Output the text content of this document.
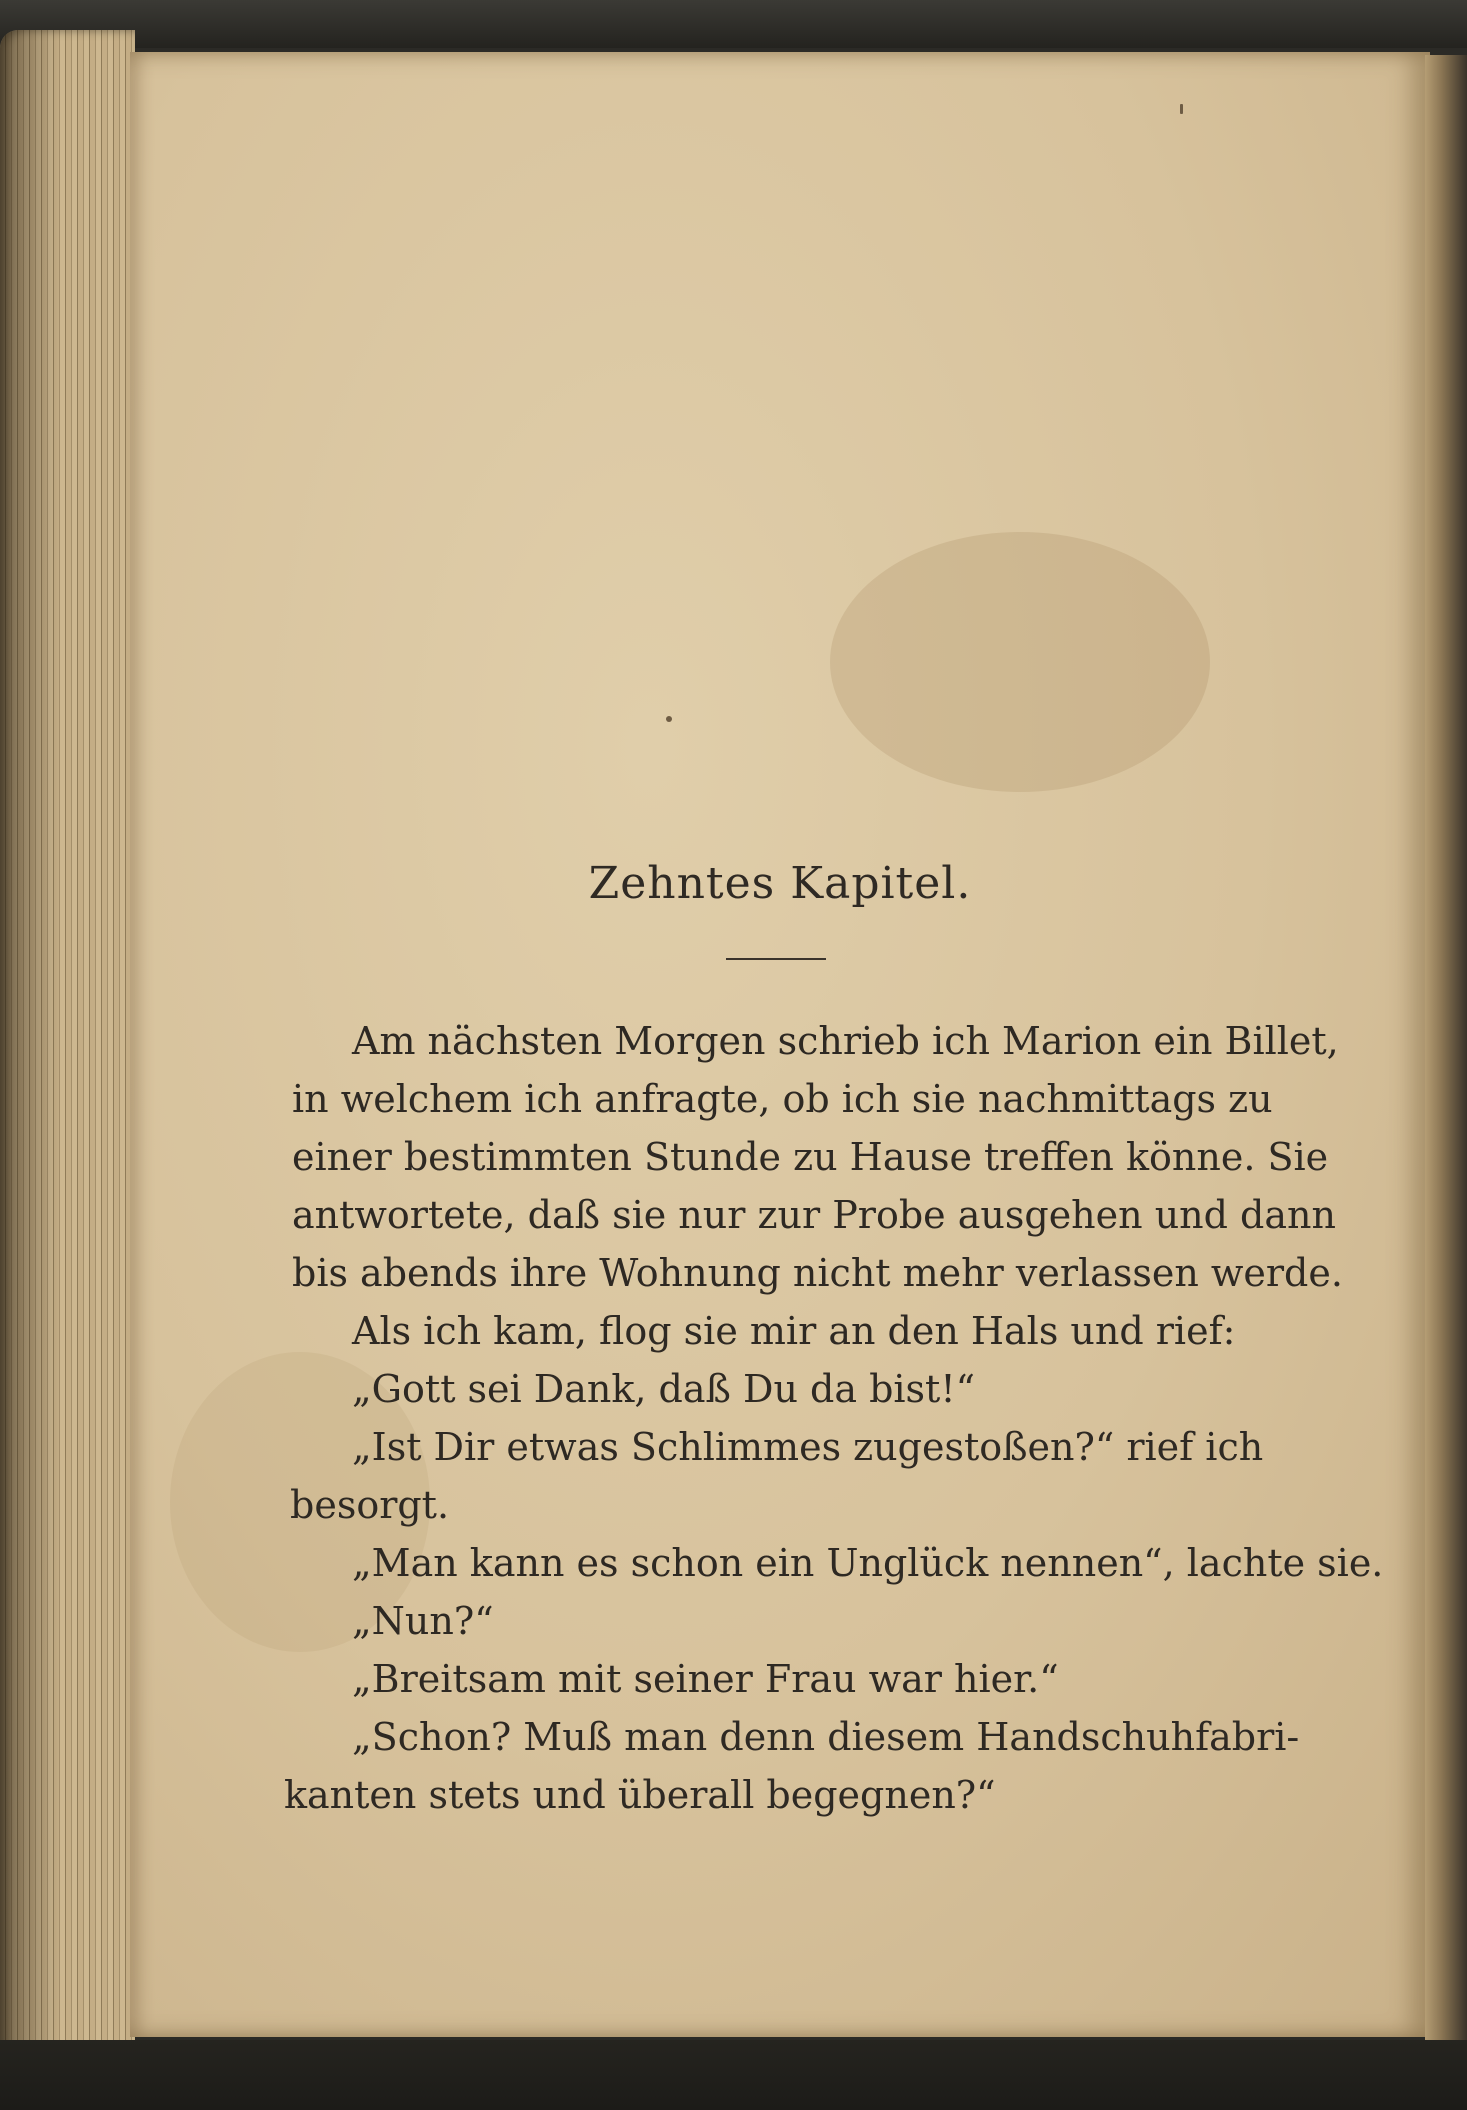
Zehntes Kapitel.

Am nächsten Morgen schrieb ich Marion ein Billet,

in welchem ich anfragte, ob ich sie nachmittags zu

einer bestimmten Stunde zu Hause treffen könne. Sie

antwortete, daß sie nur zur Probe ausgehen und dann

bis abends ihre Wohnung nicht mehr verlassen werde.

Als ich kam, flog sie mir an den Hals und rief:

„Gott sei Dank, daß Du da bist!“

„Ist Dir etwas Schlimmes zugestoßen?“ rief ich

besorgt.

„Man kann es schon ein Unglück nennen“, lachte sie.

„Nun?“

„Breitsam mit seiner Frau war hier.“

„Schon? Muß man denn diesem Handschuhfabri-

kanten stets und überall begegnen?“
